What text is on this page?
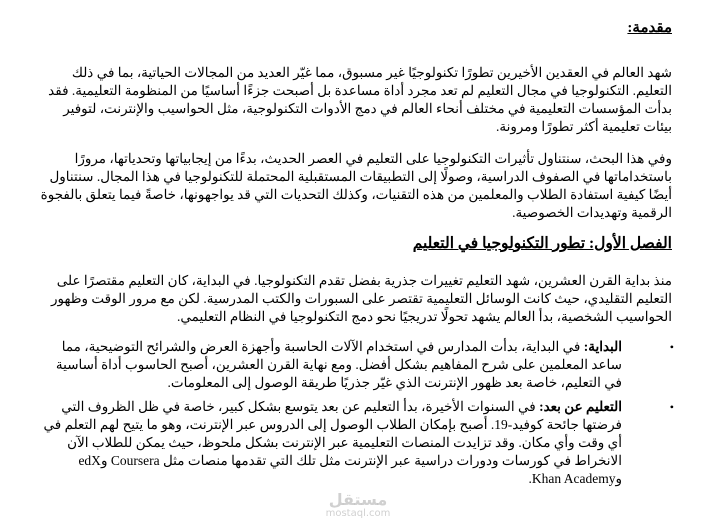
مقدمة:

شهد العالم في العقدين الأخيرين تطورًا تكنولوجيًا غير مسبوق، مما غيّر العديد من المجالات الحياتية، بما في ذلك التعليم. التكنولوجيا في مجال التعليم لم تعد مجرد أداة مساعدة بل أصبحت جزءًا أساسيًا من المنظومة التعليمية. فقد بدأت المؤسسات التعليمية في مختلف أنحاء العالم في دمج الأدوات التكنولوجية، مثل الحواسيب والإنترنت، لتوفير بيئات تعليمية أكثر تطورًا ومرونة.

وفي هذا البحث، سنتناول تأثيرات التكنولوجيا على التعليم في العصر الحديث، بدءًا من إيجابياتها وتحدياتها، مرورًا باستخداماتها في الصفوف الدراسية، وصولًا إلى التطبيقات المستقبلية المحتملة للتكنولوجيا في هذا المجال. سنتناول أيضًا كيفية استفادة الطلاب والمعلمين من هذه التقنيات، وكذلك التحديات التي قد يواجهونها، خاصةً فيما يتعلق بالفجوة الرقمية وتهديدات الخصوصية.

الفصل الأول: تطور التكنولوجيا في التعليم

منذ بداية القرن العشرين، شهد التعليم تغييرات جذرية بفضل تقدم التكنولوجيا. في البداية، كان التعليم مقتصرًا على التعليم التقليدي، حيث كانت الوسائل التعليمية تقتصر على السبورات والكتب المدرسية. لكن مع مرور الوقت وظهور الحواسيب الشخصية، بدأ العالم يشهد تحولًا تدريجيًا نحو دمج التكنولوجيا في النظام التعليمي.

•
البداية: في البداية، بدأت المدارس في استخدام الآلات الحاسبة وأجهزة العرض والشرائح التوضيحية، مما ساعد المعلمين على شرح المفاهيم بشكل أفضل. ومع نهاية القرن العشرين، أصبح الحاسوب أداة أساسية في التعليم، خاصة بعد ظهور الإنترنت الذي غيّر جذريًا طريقة الوصول إلى المعلومات.
•
التعليم عن بعد: في السنوات الأخيرة، بدأ التعليم عن بعد يتوسع بشكل كبير، خاصة في ظل الظروف التي فرضتها جائحة كوفيد-19. أصبح بإمكان الطلاب الوصول إلى الدروس عبر الإنترنت، وهو ما يتيح لهم التعلم في أي وقت وأي مكان. وقد تزايدت المنصات التعليمية عبر الإنترنت بشكل ملحوظ، حيث يمكن للطلاب الآن الانخراط في كورسات ودورات دراسية عبر الإنترنت مثل تلك التي تقدمها منصات مثل Coursera وedX وKhan Academy.
مستقل
mostaql.com
